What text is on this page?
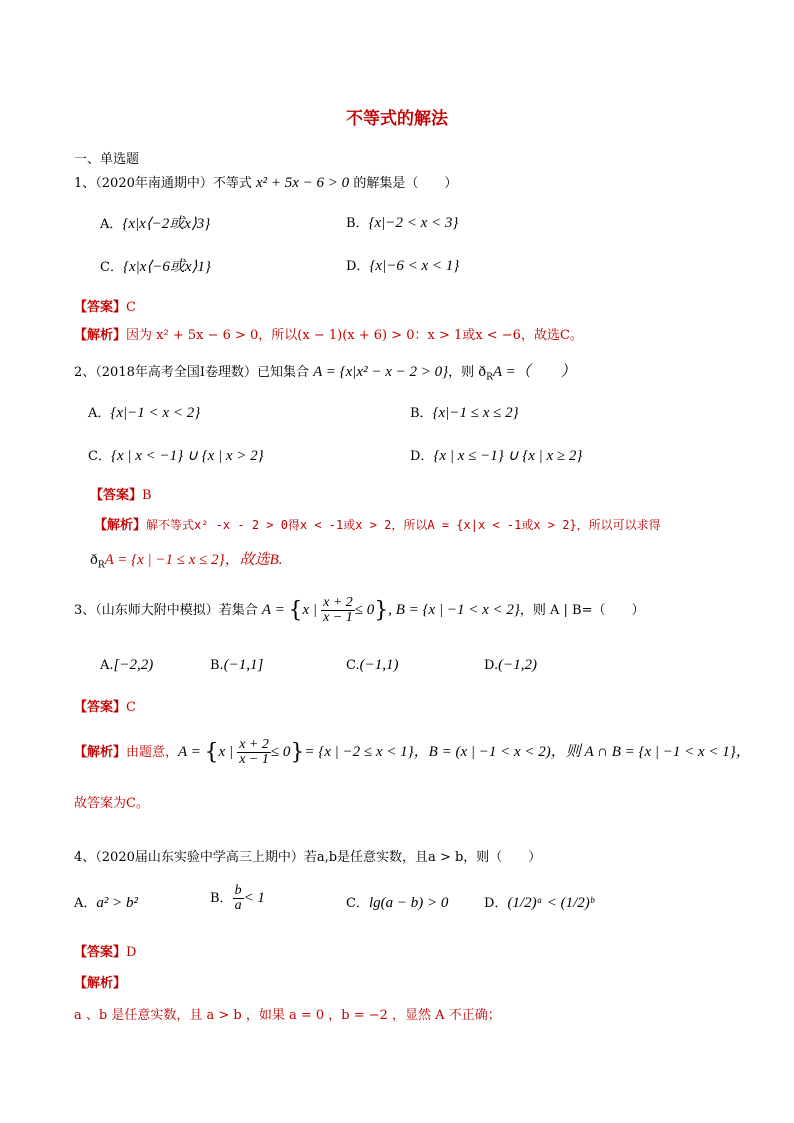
不等式的解法
一、单选题
1、（2020年南通期中）不等式 x² + 5x − 6 > 0 的解集是（　　）
A．{x|x⟨−2或x⟩3}	B．{x|−2 < x < 3}
C．{x|x⟨−6或x⟩1}	D．{x|−6 < x < 1}
【答案】C
【解析】因为 x² + 5x − 6 > 0，所以(x − 1)(x + 6) > 0：x > 1或x < −6，故选C。
2、（2018年高考全国Ⅰ卷理数）已知集合 A = {x|x² − x − 2 > 0}，则 $ð_RA$ =（　　）
A．{x|−1 < x < 2}	B．{x|−1 ≤ x ≤ 2}
C．{x | x < −1} ∪ {x | x > 2}	D．{x | x ≤ −1} ∪ {x | x ≥ 2}
【答案】B
【解析】解不等式x² -x - 2 > 0得x < -1或x > 2，所以A = {x|x < -1或x > 2}，所以可以求得
$ð_RA = \{x$ | −1 ≤ x ≤ 2}，故选B.
3、（山东师大附中模拟）若集合 A = {x | $\frac{x + 2}{x - 1} \le 0$}, B = {x | −1 < x < 2}，则 A | B=（　　）
A.[−2,2)	B.(−1,1]	C.(−1,1)	D.(−1,2)
【答案】C
【解析】由题意，A = {x | $\frac{x + 2}{x - 1} \le 0\}= \{x$ | −2 ≤ x < 1}，B = (x | −1 < x < 2)，则 A ∩ B = {x | −1 < x < 1}，
故答案为C。
4、（2020届山东实验中学高三上期中）若a,b是任意实数，且a > b，则（　　）
A．a² > b²	B． $\frac{b}{a} < 1$	C．lg(a − b) > 0	D．(1/2)ᵃ < (1/2)ᵇ
【答案】D
【解析】
a 、b 是任意实数，且 a > b ，如果 a = 0 ，b = −2 ，显然 A 不正确；
